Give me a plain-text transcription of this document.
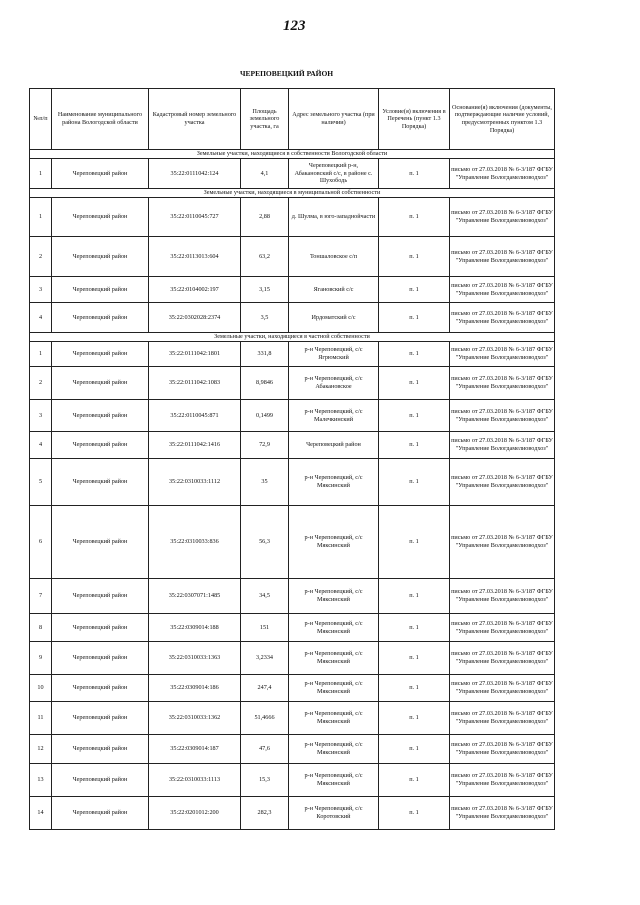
123
ЧЕРЕПОВЕЦКИЙ РАЙОН
№п/п	Наименование муниципального района Вологодской области	Кадастровый номер земельного участка	Площадь земельного участка, га	Адрес земельного участка (при наличии)	Условие(я) включения в Перечень (пункт 1.3 Порядка)	Основание(я) включения (документы, подтверждающие наличие условий, предусмотренных пунктом 1.3 Порядка)
Земельные участки, находящиеся в собственности Вологодской области						
1	Череповецкий район	35:22:0111042:124	4,1	Череповецкий р-н, Абакановский с/с, в районе с. Шухободь	п. 1	письмо от 27.03.2018 № 6-3/187 ФГБУ "Управление Вологдамелиоводхоз"
Земельные участки, находящиеся в муниципальной собственности						
1	Череповецкий район	35:22:0110045:727	2,88	д. Шулма, в юго-западнойчасти	п. 1	письмо от 27.03.2018 № 6-3/187 ФГБУ "Управление Вологдамелиоводхоз"
2	Череповецкий район	35:22:0113013:604	63,2	Тоншаловское с/п	п. 1	письмо от 27.03.2018 № 6-3/187 ФГБУ "Управление Вологдамелиоводхоз"
3	Череповецкий район	35:22:0104002:197	3,15	Ягановский с/с	п. 1	письмо от 27.03.2018 № 6-3/187 ФГБУ "Управление Вологдамелиоводхоз"
4	Череповецкий район	35:22:0302028:2374	3,5	Ирдоматский с/с	п. 1	письмо от 27.03.2018 № 6-3/187 ФГБУ "Управление Вологдамелиоводхоз"
Земельные участки, находящиеся в частной собственности						
1	Череповецкий район	35:22:0111042:1801	331,8	р-н Череповецкий, с/с Ягрюмский	п. 1	письмо от 27.03.2018 № 6-3/187 ФГБУ "Управление Вологдамелиоводхоз"
2	Череповецкий район	35:22:0111042:1083	8,9846	р-н Череповецкий, с/с Абакановское	п. 1	письмо от 27.03.2018 № 6-3/187 ФГБУ "Управление Вологдамелиоводхоз"
3	Череповецкий район	35:22:0110045:871	0,1499	р-н Череповецкий, с/с Малечкинский	п. 1	письмо от 27.03.2018 № 6-3/187 ФГБУ "Управление Вологдамелиоводхоз"
4	Череповецкий район	35:22:0111042:1416	72,9	Череповецкий район	п. 1	письмо от 27.03.2018 № 6-3/187 ФГБУ "Управление Вологдамелиоводхоз"
5	Череповецкий район	35:22:0310033:1112	35	р-н Череповецкий, с/с Мяксинский	п. 1	письмо от 27.03.2018 № 6-3/187 ФГБУ "Управление Вологдамелиоводхоз"
6	Череповецкий район	35:22:0310033:836	56,3	р-н Череповецкий, с/с Мяксинский	п. 1	письмо от 27.03.2018 № 6-3/187 ФГБУ "Управление Вологдамелиоводхоз"
7	Череповецкий район	35:22:0307071:1485	34,5	р-н Череповецкий, с/с Мяксинский	п. 1	письмо от 27.03.2018 № 6-3/187 ФГБУ "Управление Вологдамелиоводхоз"
8	Череповецкий район	35:22:0309014:188	151	р-н Череповецкий, с/с Мяксинский	п. 1	письмо от 27.03.2018 № 6-3/187 ФГБУ "Управление Вологдамелиоводхоз"
9	Череповецкий район	35:22:0310033:1363	3,2334	р-н Череповецкий, с/с Мяксинский	п. 1	письмо от 27.03.2018 № 6-3/187 ФГБУ "Управление Вологдамелиоводхоз"
10	Череповецкий район	35:22:0309014:186	247,4	р-н Череповецкий, с/с Мяксинский	п. 1	письмо от 27.03.2018 № 6-3/187 ФГБУ "Управление Вологдамелиоводхоз"
11	Череповецкий район	35:22:0310033:1362	51,4666	р-н Череповецкий, с/с Мяксинский	п. 1	письмо от 27.03.2018 № 6-3/187 ФГБУ "Управление Вологдамелиоводхоз"
12	Череповецкий район	35:22:0309014:187	47,6	р-н Череповецкий, с/с Мяксинский	п. 1	письмо от 27.03.2018 № 6-3/187 ФГБУ "Управление Вологдамелиоводхоз"
13	Череповецкий район	35:22:0310033:1113	15,3	р-н Череповецкий, с/с Мяксинский	п. 1	письмо от 27.03.2018 № 6-3/187 ФГБУ "Управление Вологдамелиоводхоз"
14	Череповецкий район	35:22:0201012:200	282,3	р-н Череповецкий, с/с Коротовский	п. 1	письмо от 27.03.2018 № 6-3/187 ФГБУ "Управление Вологдамелиоводхоз"
